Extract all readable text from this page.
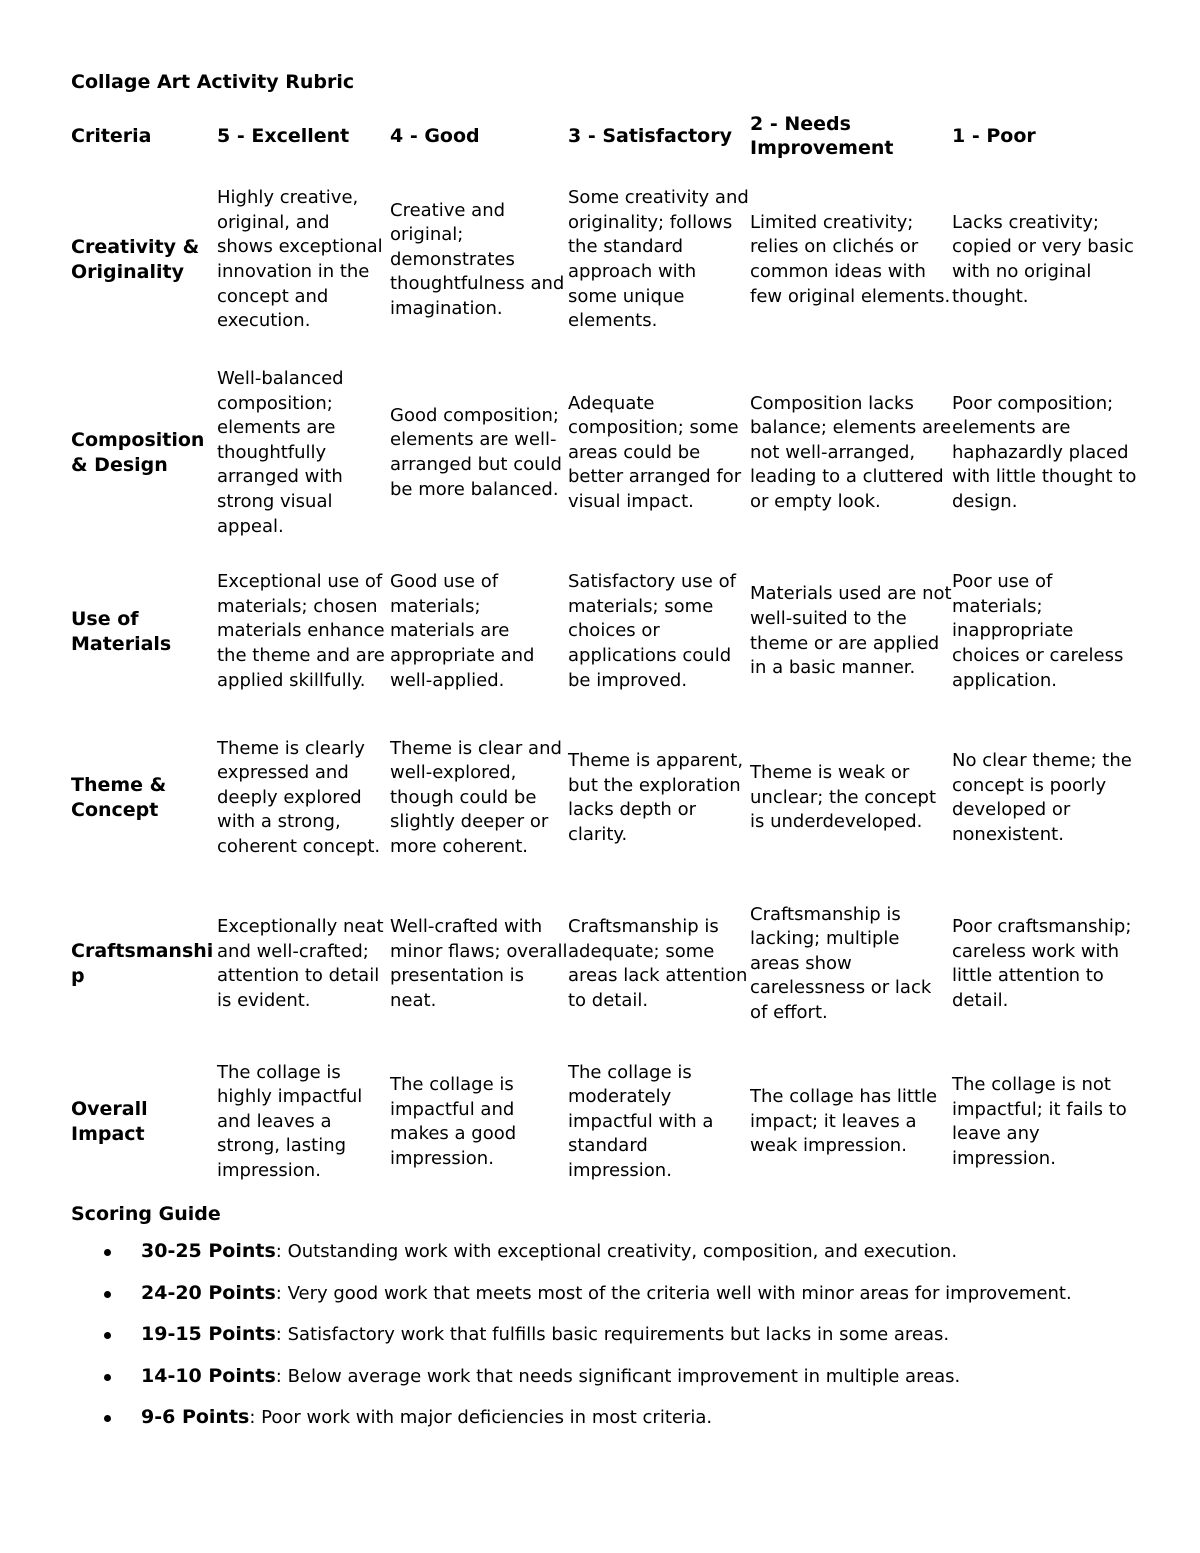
Collage Art Activity Rubric
Criteria	5 - Excellent	4 - Good	3 - Satisfactory	2 - Needs Improvement	1 - Poor
Creativity & Originality	Highly creative, original, and shows exceptional innovation in the concept and execution.	Creative and original; demonstrates thoughtfulness and imagination.	Some creativity and originality; follows the standard approach with some unique elements.	Limited creativity; relies on clichés or common ideas with few original elements.	Lacks creativity; copied or very basic with no original thought.
Composition & Design	Well-balanced composition; elements are thoughtfully arranged with strong visual appeal.	Good composition; elements are well-arranged but could be more balanced.	Adequate composition; some areas could be better arranged for visual impact.	Composition lacks balance; elements are not well-arranged, leading to a cluttered or empty look.	Poor composition; elements are haphazardly placed with little thought to design.
Use of Materials	Exceptional use of materials; chosen materials enhance the theme and are applied skillfully.	Good use of materials; materials are appropriate and well-applied.	Satisfactory use of materials; some choices or applications could be improved.	Materials used are not well-suited to the theme or are applied in a basic manner.	Poor use of materials; inappropriate choices or careless application.
Theme & Concept	Theme is clearly expressed and deeply explored with a strong, coherent concept.	Theme is clear and well-explored, though could be slightly deeper or more coherent.	Theme is apparent, but the exploration lacks depth or clarity.	Theme is weak or unclear; the concept is underdeveloped.	No clear theme; the concept is poorly developed or nonexistent.
Craftsmanship	Exceptionally neat and well-crafted; attention to detail is evident.	Well-crafted with minor flaws; overall presentation is neat.	Craftsmanship is adequate; some areas lack attention to detail.	Craftsmanship is lacking; multiple areas show carelessness or lack of effort.	Poor craftsmanship; careless work with little attention to detail.
Overall Impact	The collage is highly impactful and leaves a strong, lasting impression.	The collage is impactful and makes a good impression.	The collage is moderately impactful with a standard impression.	The collage has little impact; it leaves a weak impression.	The collage is not impactful; it fails to leave any impression.
Scoring Guide
30-25 Points: Outstanding work with exceptional creativity, composition, and execution.
24-20 Points: Very good work that meets most of the criteria well with minor areas for improvement.
19-15 Points: Satisfactory work that fulfills basic requirements but lacks in some areas.
14-10 Points: Below average work that needs significant improvement in multiple areas.
9-6 Points: Poor work with major deficiencies in most criteria.
